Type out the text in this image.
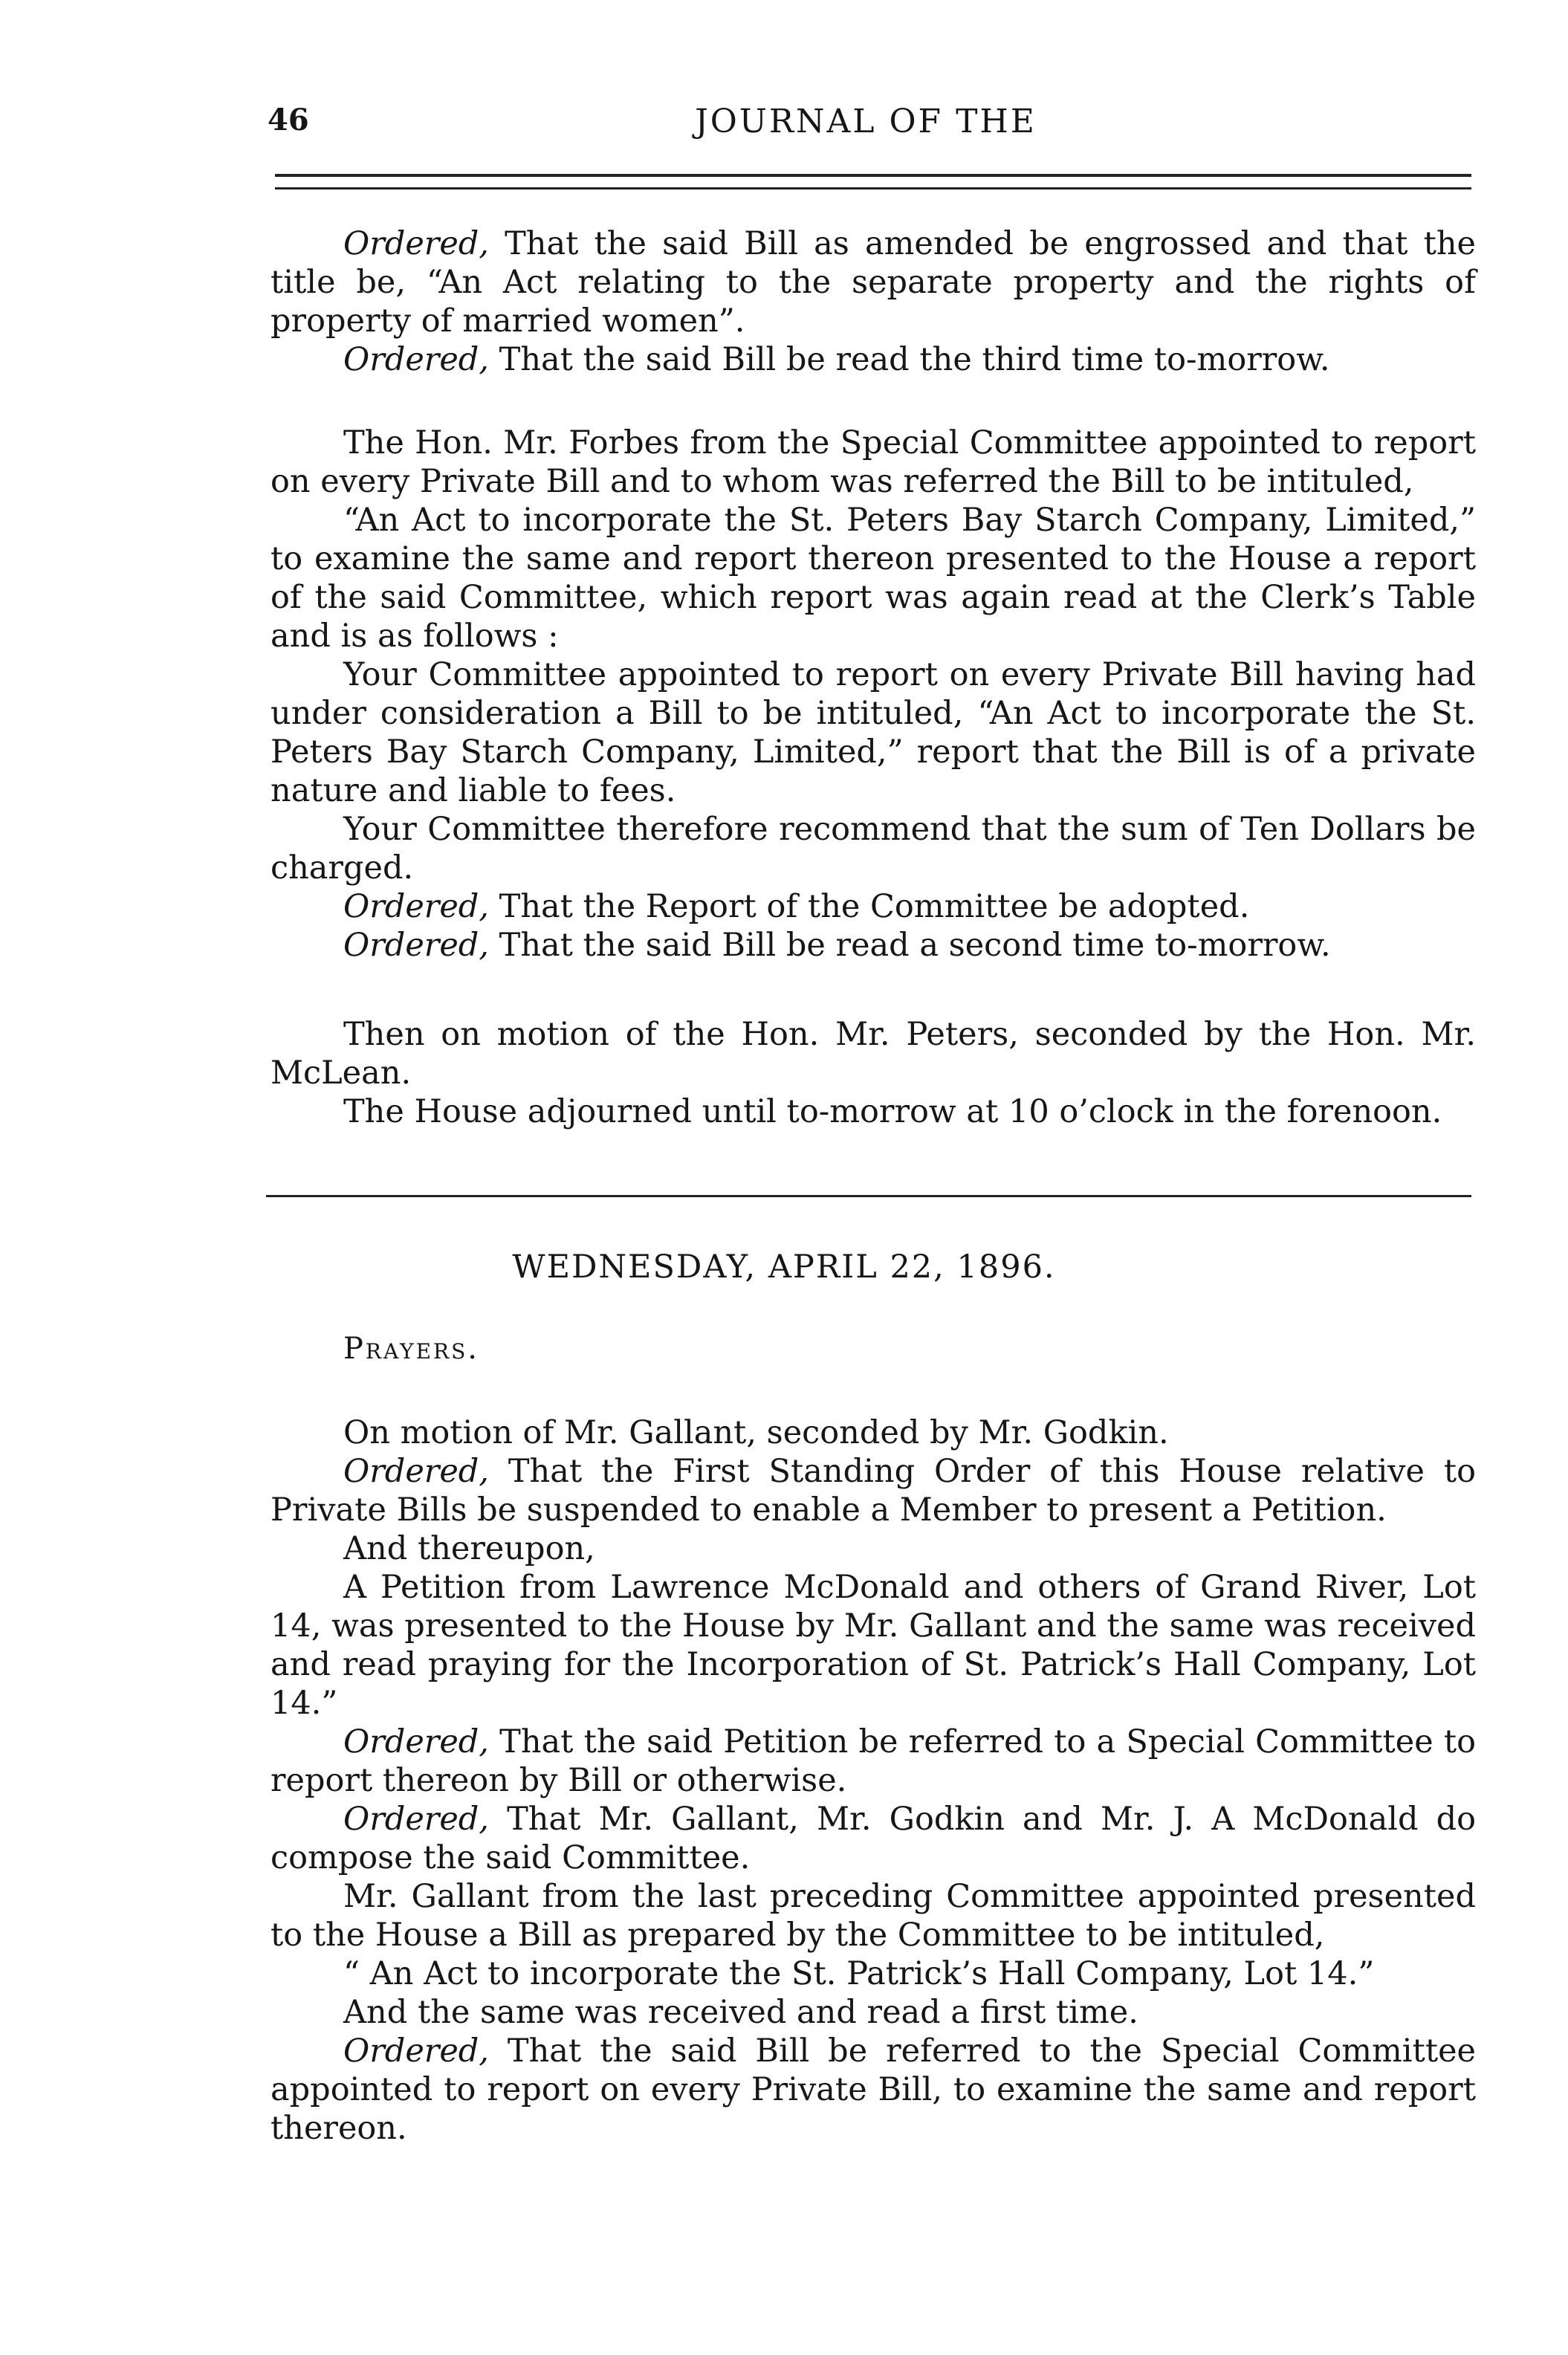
46	JOURNAL OF THE

Ordered, That the said Bill as amended be engrossed and that the title be, “An Act relating to the separate property and the rights of property of married women”.

Ordered, That the said Bill be read the third time to-morrow.

The Hon. Mr. Forbes from the Special Committee appointed to report on every Private Bill and to whom was referred the Bill to be intituled,

“An Act to incorporate the St. Peters Bay Starch Company, Limited,” to examine the same and report thereon presented to the House a report of the said Committee, which report was again read at the Clerk’s Table and is as follows :

Your Committee appointed to report on every Private Bill having had under consideration a Bill to be intituled, “An Act to incorporate the St. Peters Bay Starch Company, Limited,” report that the Bill is of a private nature and liable to fees.

Your Committee therefore recommend that the sum of Ten Dollars be charged.

Ordered, That the Report of the Committee be adopted.

Ordered, That the said Bill be read a second time to-morrow.

Then on motion of the Hon. Mr. Peters, seconded by the Hon. Mr. McLean.

The House adjourned until to-morrow at 10 o’clock in the forenoon.

WEDNESDAY, APRIL 22, 1896.
Prayers.

On motion of Mr. Gallant, seconded by Mr. Godkin.

Ordered, That the First Standing Order of this House relative to Private Bills be suspended to enable a Member to present a Petition.

And thereupon,

A Petition from Lawrence McDonald and others of Grand River, Lot 14, was presented to the House by Mr. Gallant and the same was received and read praying for the Incorporation of St. Patrick’s Hall Company, Lot 14.”

Ordered, That the said Petition be referred to a Special Committee to report thereon by Bill or otherwise.

Ordered, That Mr. Gallant, Mr. Godkin and Mr. J. A McDonald do compose the said Committee.

Mr. Gallant from the last preceding Committee appointed presented to the House a Bill as prepared by the Committee to be intituled,

“ An Act to incorporate the St. Patrick’s Hall Company, Lot 14.”

And the same was received and read a first time.

Ordered, That the said Bill be referred to the Special Committee appointed to report on every Private Bill, to examine the same and report thereon.
